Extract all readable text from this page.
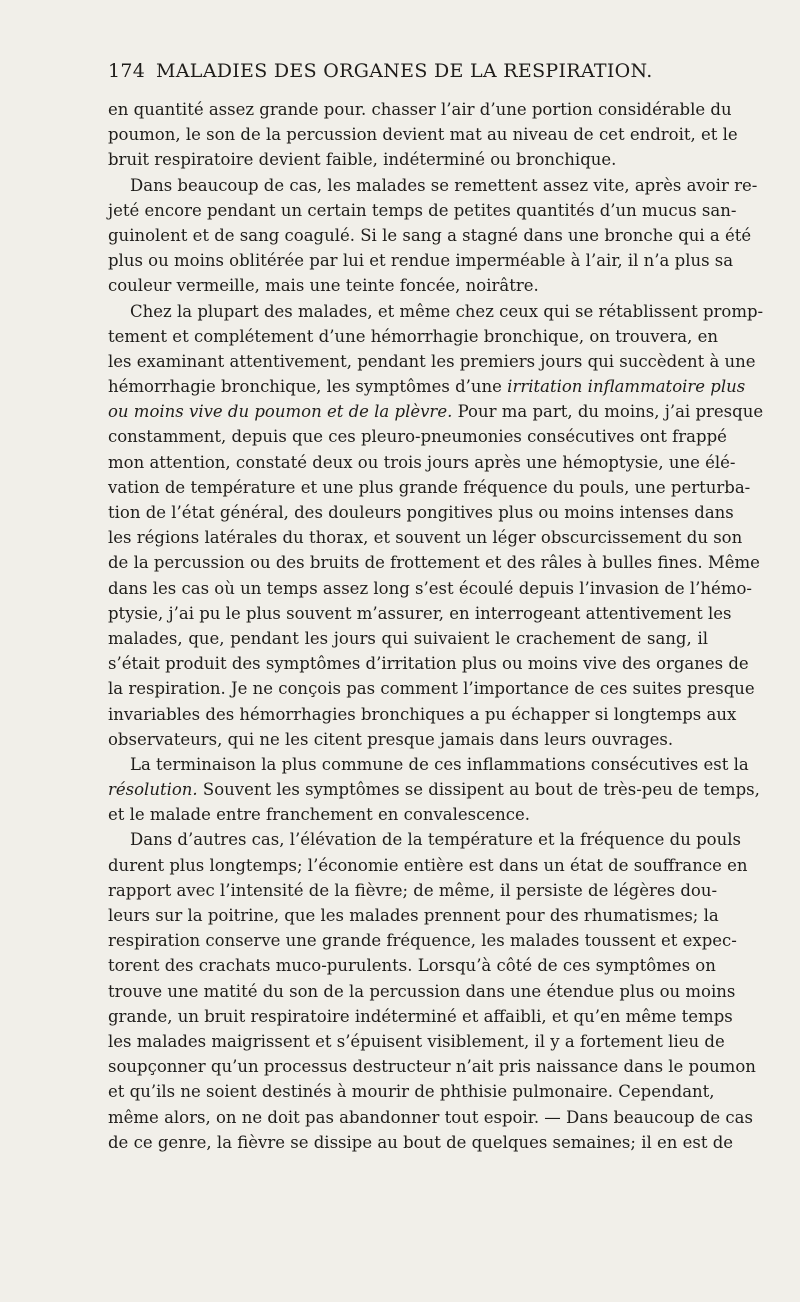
174 MALADIES DES ORGANES DE LA RESPIRATION.
en quantité assez grande pour. chasser l’air d’une portion considérable du
poumon, le son de la percussion devient mat au niveau de cet endroit, et le
bruit respiratoire devient faible, indéterminé ou bronchique.
Dans beaucoup de cas, les malades se remettent assez vite, après avoir re-
jeté encore pendant un certain temps de petites quantités d’un mucus san-
guinolent et de sang coagulé. Si le sang a stagné dans une bronche qui a été
plus ou moins oblitérée par lui et rendue imperméable à l’air, il n’a plus sa
couleur vermeille, mais une teinte foncée, noirâtre.
Chez la plupart des malades, et même chez ceux qui se rétablissent promp-
tement et complétement d’une hémorrhagie bronchique, on trouvera, en
les examinant attentivement, pendant les premiers jours qui succèdent à une
hémorrhagie bronchique, les symptômes d’une irritation inflammatoire plus
ou moins vive du poumon et de la plèvre. Pour ma part, du moins, j’ai presque
constamment, depuis que ces pleuro-pneumonies consécutives ont frappé
mon attention, constaté deux ou trois jours après une hémoptysie, une élé-
vation de température et une plus grande fréquence du pouls, une perturba-
tion de l’état général, des douleurs pongitives plus ou moins intenses dans
les régions latérales du thorax, et souvent un léger obscurcissement du son
de la percussion ou des bruits de frottement et des râles à bulles fines. Même
dans les cas où un temps assez long s’est écoulé depuis l’invasion de l’hémo-
ptysie, j’ai pu le plus souvent m’assurer, en interrogeant attentivement les
malades, que, pendant les jours qui suivaient le crachement de sang, il
s’était produit des symptômes d’irritation plus ou moins vive des organes de
la respiration. Je ne conçois pas comment l’importance de ces suites presque
invariables des hémorrhagies bronchiques a pu échapper si longtemps aux
observateurs, qui ne les citent presque jamais dans leurs ouvrages.
La terminaison la plus commune de ces inflammations consécutives est la
résolution. Souvent les symptômes se dissipent au bout de très-peu de temps,
et le malade entre franchement en convalescence.
Dans d’autres cas, l’élévation de la température et la fréquence du pouls
durent plus longtemps; l’économie entière est dans un état de souffrance en
rapport avec l’intensité de la fièvre; de même, il persiste de légères dou-
leurs sur la poitrine, que les malades prennent pour des rhumatismes; la
respiration conserve une grande fréquence, les malades toussent et expec-
torent des crachats muco-purulents. Lorsqu’à côté de ces symptômes on
trouve une matité du son de la percussion dans une étendue plus ou moins
grande, un bruit respiratoire indéterminé et affaibli, et qu’en même temps
les malades maigrissent et s’épuisent visiblement, il y a fortement lieu de
soupçonner qu’un processus destructeur n’ait pris naissance dans le poumon
et qu’ils ne soient destinés à mourir de phthisie pulmonaire. Cependant,
même alors, on ne doit pas abandonner tout espoir. — Dans beaucoup de cas
de ce genre, la fièvre se dissipe au bout de quelques semaines; il en est de
